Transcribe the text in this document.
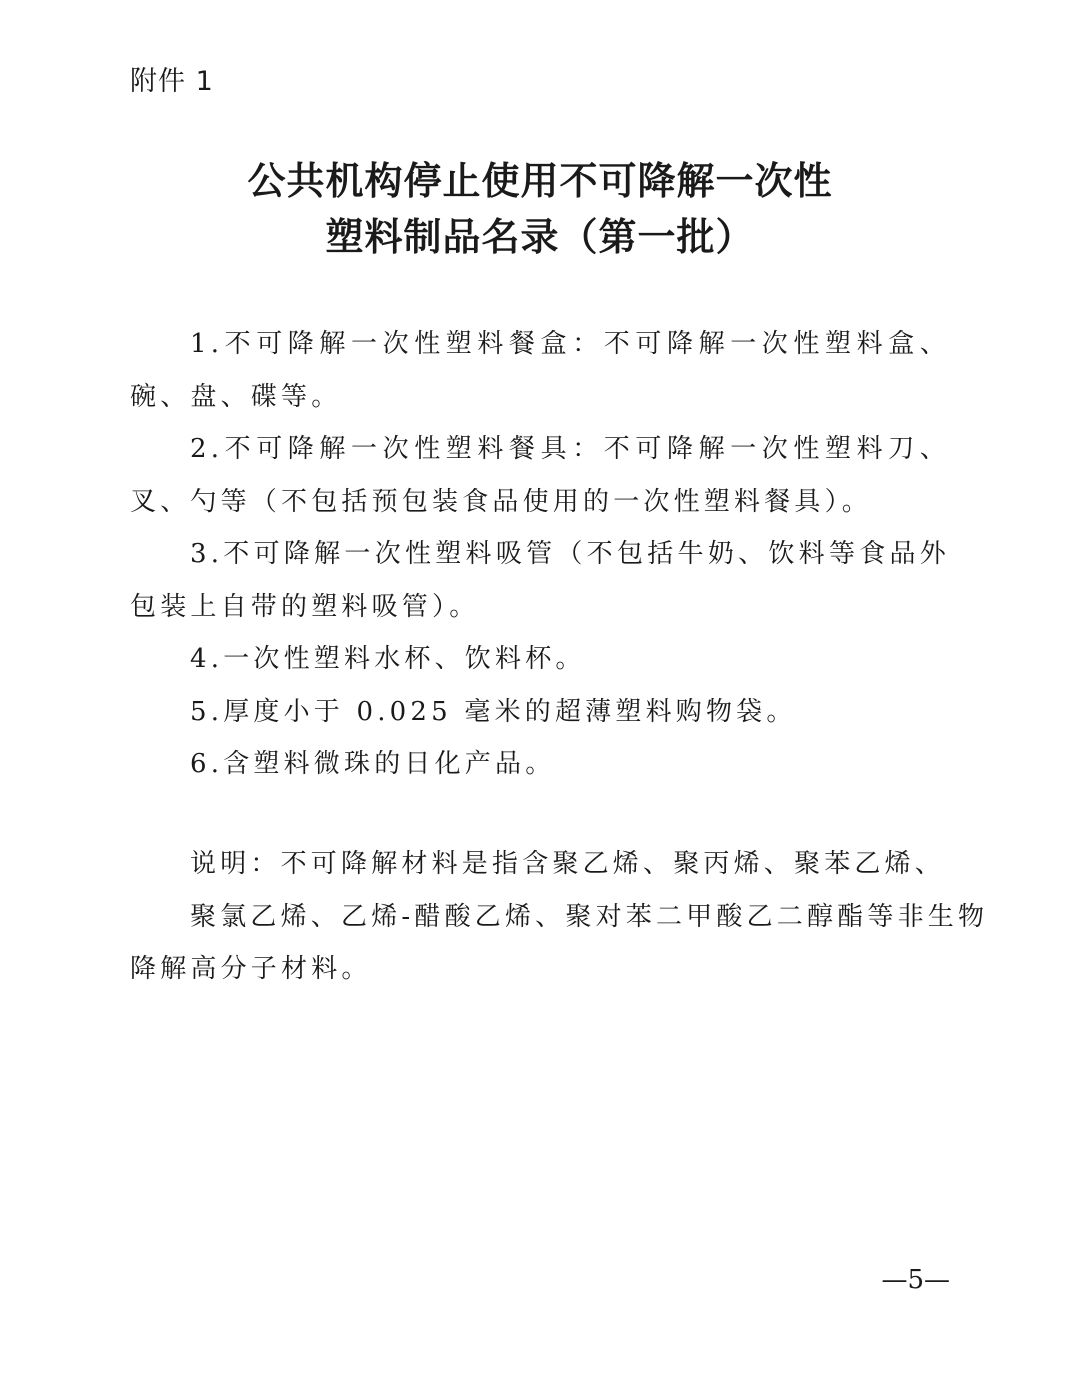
附件 1
公共机构停止使用不可降解一次性
塑料制品名录（第一批）

1.不可降解一次性塑料餐盒：不可降解一次性塑料盒、碗、盘、碟等。

2.不可降解一次性塑料餐具：不可降解一次性塑料刀、叉、勺等（不包括预包装食品使用的一次性塑料餐具）。

3.不可降解一次性塑料吸管（不包括牛奶、饮料等食品外包装上自带的塑料吸管）。

4.一次性塑料水杯、饮料杯。

5.厚度小于 0.025 毫米的超薄塑料购物袋。

6.含塑料微珠的日化产品。

说明：不可降解材料是指含聚乙烯、聚丙烯、聚苯乙烯、
聚氯乙烯、乙烯-醋酸乙烯、聚对苯二甲酸乙二醇酯等非生物
降解高分子材料。
—5—
